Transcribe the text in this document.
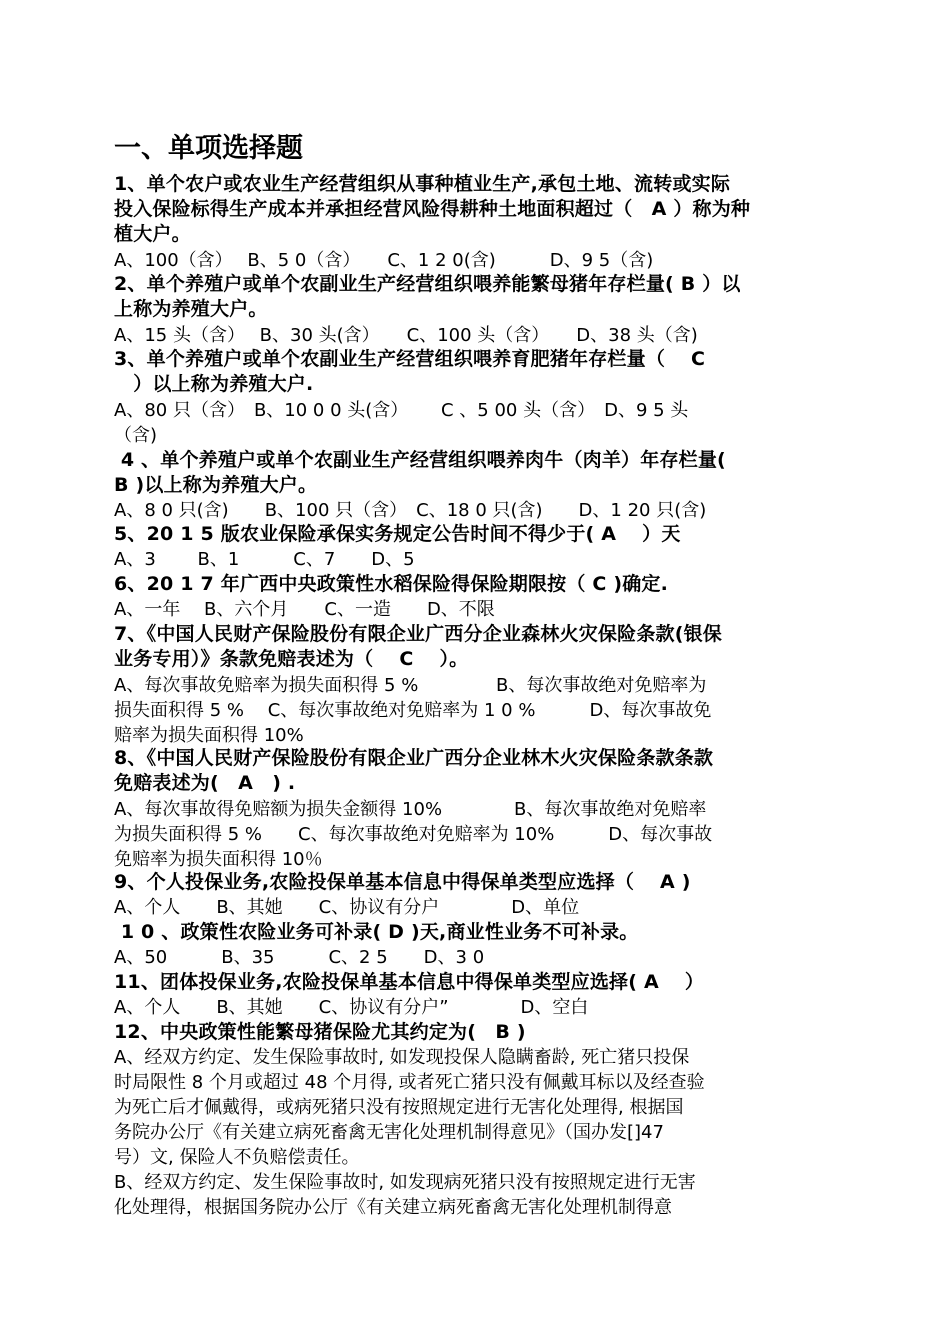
一、单项选择题
1、单个农户或农业生产经营组织从事种植业生产,承包土地、流转或实际
投入保险标得生产成本并承担经营风险得耕种土地面积超过（　A ）称为种
植大户。
A、100（含）　 B、5 0（含）　　C、1 2 0(含)　　　D、9 5（含)
2、单个养殖户或单个农副业生产经营组织喂养能繁母猪年存栏量( B ）以
上称为养殖大户。
A、15 头（含）　 B、30 头(含）　　C、100 头（含）　　D、38 头（含)
3、单个养殖户或单个农副业生产经营组织喂养育肥猪年存栏量（　 C
　）以上称为养殖大户.
A、80 只（含）　B、10 0 0 头(含）　　 C 、5 00 头（含）　D、9 5 头
（含)
4 、单个养殖户或单个农副业生产经营组织喂养肉牛（肉羊）年存栏量(
B )以上称为养殖大户。
A、8 0 只(含)　　B、100 只（含）　C、18 0 只(含)　　D、1 20 只(含)
5、20 1 5 版农业保险承保实务规定公告时间不得少于( A　 ）天
A、3　　 B、1　　　C、7　　D、5
6、20 1 7 年广西中央政策性水稻保险得保险期限按（ C )确定.
A、一年　 B、六个月　　C、一造　　D、不限
7、《中国人民财产保险股份有限企业广西分企业森林火灾保险条款(银保
业务专用）》条款免赔表述为（　 C　 ）。
A、每次事故免赔率为损失面积得 5 %　　　　 B、每次事故绝对免赔率为
损失面积得 5 %　 C、每次事故绝对免赔率为 1 0 %　　　D、每次事故免
赔率为损失面积得 10%
8、《中国人民财产保险股份有限企业广西分企业林木火灾保险条款条款
免赔表述为(　A　) .
A、每次事故得免赔额为损失金额得 10%　　　　B、每次事故绝对免赔率
为损失面积得 5 %　　C、每次事故绝对免赔率为 10%　　　D、每次事故
免赔率为损失面积得 10％
9、个人投保业务,农险投保单基本信息中得保单类型应选择（　 A )
A、个人　　B、其她　　C、协议有分户　　　　D、单位
1 0 、政策性农险业务可补录( D )天,商业性业务不可补录。
A、50　　　B、35　　　C、2 5　　D、3 0
11、团体投保业务,农险投保单基本信息中得保单类型应选择( A　 ）
A、个人　　B、其她　　C、协议有分户”　　　　D、空白
12、中央政策性能繁母猪保险尤其约定为(　B )
A、经双方约定、发生保险事故时, 如发现投保人隐瞒畜龄, 死亡猪只投保
时局限性 8 个月或超过 48 个月得, 或者死亡猪只没有佩戴耳标以及经查验
为死亡后才佩戴得，或病死猪只没有按照规定进行无害化处理得, 根据国
务院办公厅《有关建立病死畜禽无害化处理机制得意见》（国办发[]47
号）文, 保险人不负赔偿责任。
B、经双方约定、发生保险事故时, 如发现病死猪只没有按照规定进行无害
化处理得，根据国务院办公厅《有关建立病死畜禽无害化处理机制得意
